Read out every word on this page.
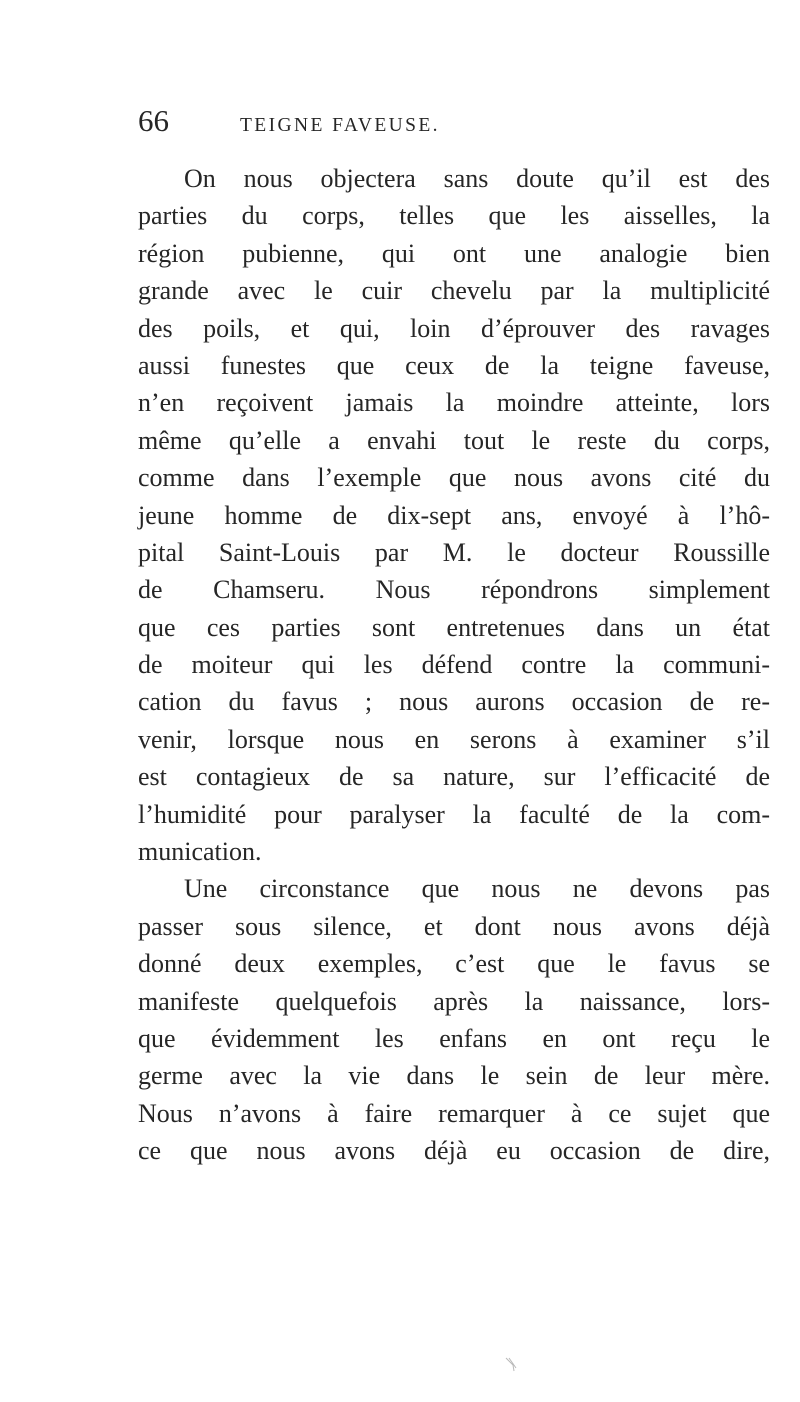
66	TEIGNE FAVEUSE.
On nous objectera sans doute qu’il est des
parties du corps, telles que les aisselles, la
région pubienne, qui ont une analogie bien
grande avec le cuir chevelu par la multiplicité
des poils, et qui, loin d’éprouver des ravages
aussi funestes que ceux de la teigne faveuse,
n’en reçoivent jamais la moindre atteinte, lors
même qu’elle a envahi tout le reste du corps,
comme dans l’exemple que nous avons cité du
jeune homme de dix-sept ans, envoyé à l’hô-
pital Saint-Louis par M. le docteur Roussille
de Chamseru. Nous répondrons simplement
que ces parties sont entretenues dans un état
de moiteur qui les défend contre la communi-
cation du favus ; nous aurons occasion de re-
venir, lorsque nous en serons à examiner s’il
est contagieux de sa nature, sur l’efficacité de
l’humidité pour paralyser la faculté de la com-
munication.
Une circonstance que nous ne devons pas
passer sous silence, et dont nous avons déjà
donné deux exemples, c’est que le favus se
manifeste quelquefois après la naissance, lors-
que évidemment les enfans en ont reçu le
germe avec la vie dans le sein de leur mère.
Nous n’avons à faire remarquer à ce sujet que
ce que nous avons déjà eu occasion de dire,
